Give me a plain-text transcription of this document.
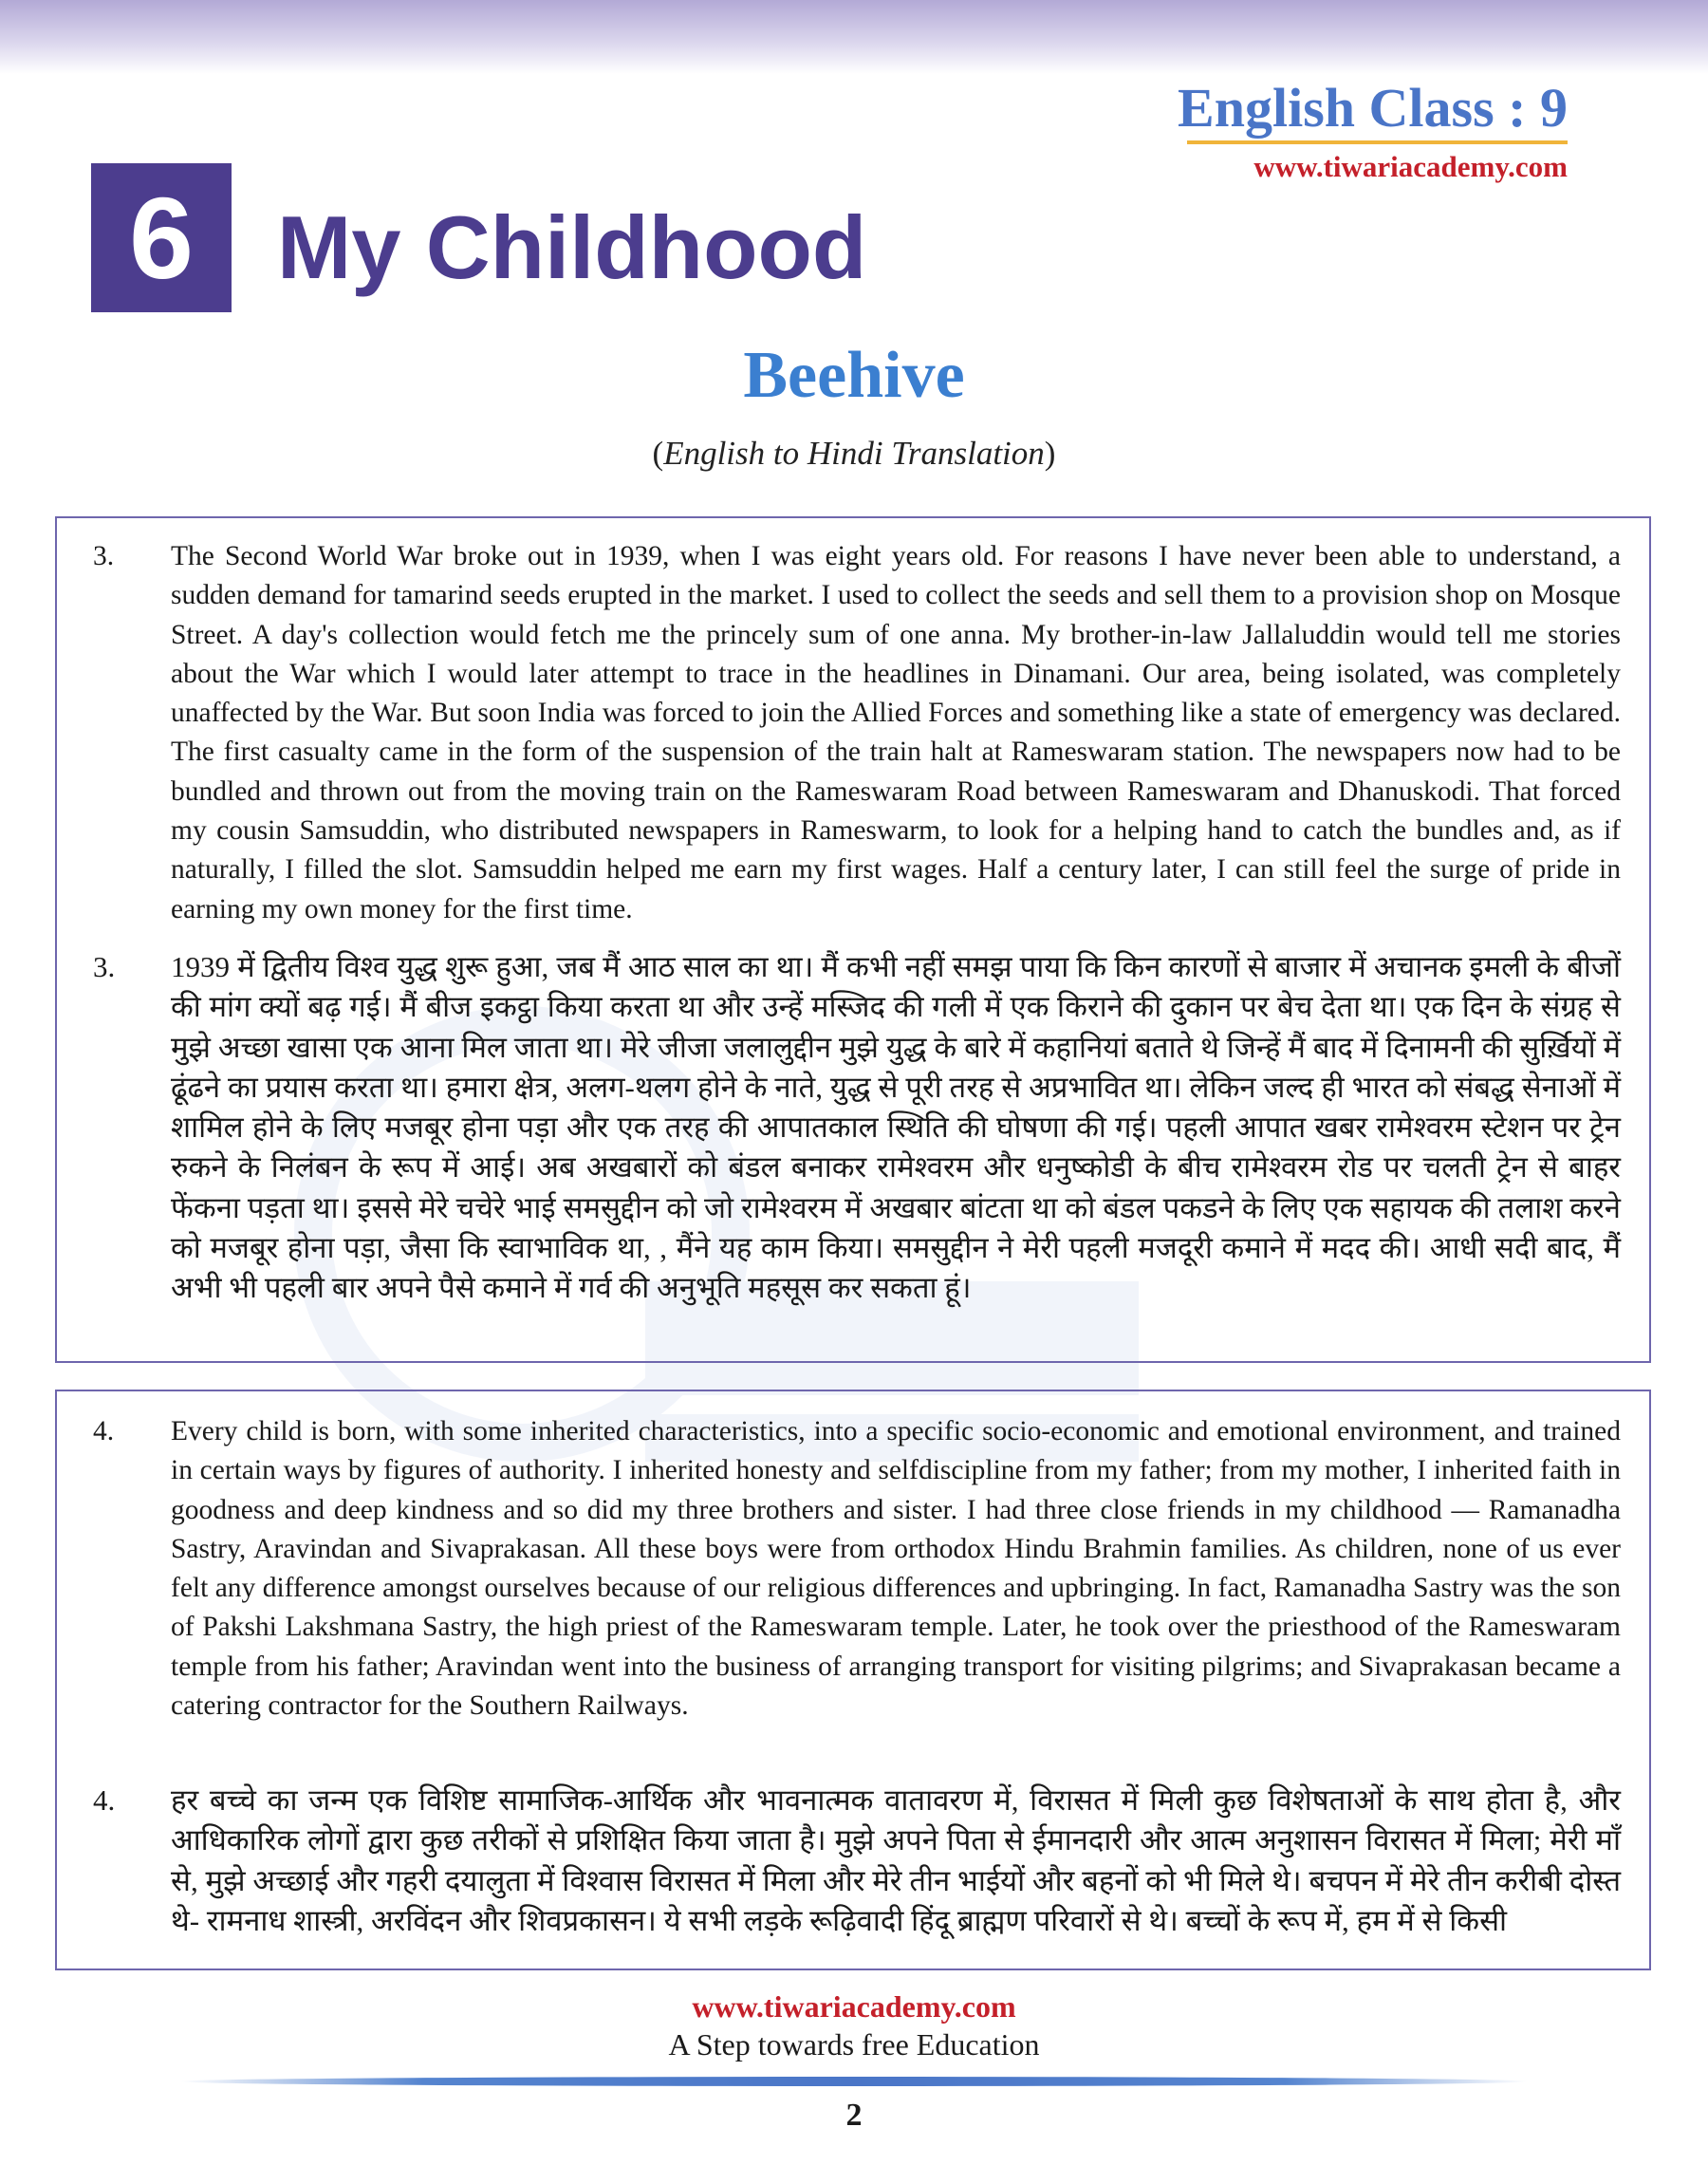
English Class : 9
www.tiwariacademy.com
6 My Childhood
Beehive
(English to Hindi Translation)
3.	The Second World War broke out in 1939, when I was eight years old. For reasons I have never been able to understand, a sudden demand for tamarind seeds erupted in the market. I used to collect the seeds and sell them to a provision shop on Mosque Street. A day's collection would fetch me the princely sum of one anna. My brother-in-law Jallaluddin would tell me stories about the War which I would later attempt to trace in the headlines in Dinamani. Our area, being isolated, was completely unaffected by the War. But soon India was forced to join the Allied Forces and something like a state of emergency was declared. The first casualty came in the form of the suspension of the train halt at Rameswaram station. The newspapers now had to be bundled and thrown out from the moving train on the Rameswaram Road between Rameswaram and Dhanuskodi. That forced my cousin Samsuddin, who distributed newspapers in Rameswarm, to look for a helping hand to catch the bundles and, as if naturally, I filled the slot. Samsuddin helped me earn my first wages. Half a century later, I can still feel the surge of pride in earning my own money for the first time.
3.	1939 में द्वितीय विश्व युद्ध शुरू हुआ, जब मैं आठ साल का था। मैं कभी नहीं समझ पाया कि किन कारणों से बाजार में अचानक इमली के बीजों की मांग क्यों बढ़ गई। मैं बीज इकट्ठा किया करता था और उन्हें मस्जिद की गली में एक किराने की दुकान पर बेच देता था। एक दिन के संग्रह से मुझे अच्छा खासा एक आना मिल जाता था। मेरे जीजा जलालुद्दीन मुझे युद्ध के बारे में कहानियां बताते थे जिन्हें मैं बाद में दिनामनी की सुर्ख़ियों में ढूंढने का प्रयास करता था। हमारा क्षेत्र, अलग-थलग होने के नाते, युद्ध से पूरी तरह से अप्रभावित था। लेकिन जल्द ही भारत को संबद्ध सेनाओं में शामिल होने के लिए मजबूर होना पड़ा और एक तरह की आपातकाल स्थिति की घोषणा की गई। पहली आपात खबर रामेश्वरम स्टेशन पर ट्रेन रुकने के निलंबन के रूप में आई। अब अखबारों को बंडल बनाकर रामेश्वरम और धनुष्कोडी के बीच रामेश्वरम रोड पर चलती ट्रेन से बाहर फेंकना पड़ता था। इससे मेरे चचेरे भाई समसुद्दीन को जो रामेश्वरम में अखबार बांटता था को बंडल पकडने के लिए एक सहायक की तलाश करने को मजबूर होना पड़ा, जैसा कि स्वाभाविक था, , मैंने यह काम किया। समसुद्दीन ने मेरी पहली मजदूरी कमाने में मदद की। आधी सदी बाद, मैं अभी भी पहली बार अपने पैसे कमाने में गर्व की अनुभूति महसूस कर सकता हूं।
4.	Every child is born, with some inherited characteristics, into a specific socio-economic and emotional environment, and trained in certain ways by figures of authority. I inherited honesty and selfdiscipline from my father; from my mother, I inherited faith in goodness and deep kindness and so did my three brothers and sister. I had three close friends in my childhood — Ramanadha Sastry, Aravindan and Sivaprakasan. All these boys were from orthodox Hindu Brahmin families. As children, none of us ever felt any difference amongst ourselves because of our religious differences and upbringing. In fact, Ramanadha Sastry was the son of Pakshi Lakshmana Sastry, the high priest of the Rameswaram temple. Later, he took over the priesthood of the Rameswaram temple from his father; Aravindan went into the business of arranging transport for visiting pilgrims; and Sivaprakasan became a catering contractor for the Southern Railways.
4.	हर बच्चे का जन्म एक विशिष्ट सामाजिक-आर्थिक और भावनात्मक वातावरण में, विरासत में मिली कुछ विशेषताओं के साथ होता है, और आधिकारिक लोगों द्वारा कुछ तरीकों से प्रशिक्षित किया जाता है। मुझे अपने पिता से ईमानदारी और आत्म अनुशासन विरासत में मिला; मेरी माँ से, मुझे अच्छाई और गहरी दयालुता में विश्वास विरासत में मिला और मेरे तीन भाईयों और बहनों को भी मिले थे। बचपन में मेरे तीन करीबी दोस्त थे- रामनाध शास्त्री, अरविंदन और शिवप्रकासन। ये सभी लड़के रूढ़िवादी हिंदू ब्राह्मण परिवारों से थे। बच्चों के रूप में, हम में से किसी
www.tiwariacademy.com
A Step towards free Education
2
